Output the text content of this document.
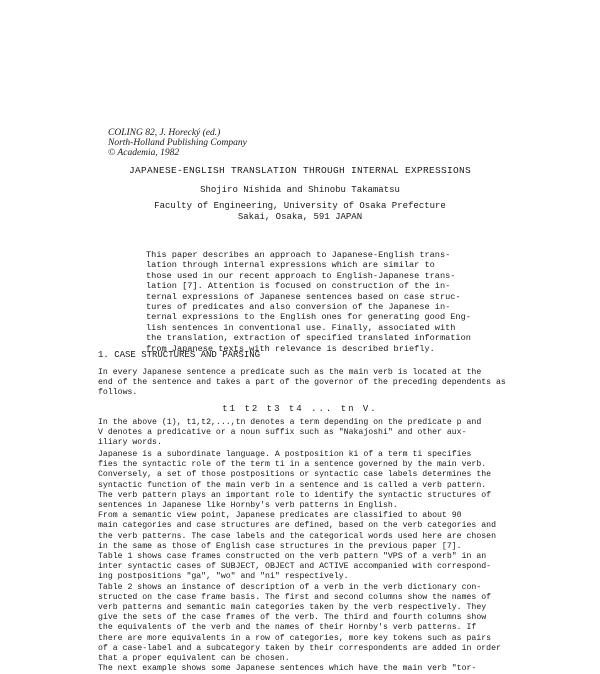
COLING 82, J. Horecký (ed.)
North-Holland Publishing Company
© Academia, 1982
JAPANESE-ENGLISH TRANSLATION THROUGH INTERNAL EXPRESSIONS
Shojiro Nishida and Shinobu Takamatsu
Faculty of Engineering, University of Osaka Prefecture
Sakai, Osaka, 591 JAPAN
This paper describes an approach to Japanese-English trans-
lation through internal expressions which are similar to
those used in our recent approach to English-Japanese trans-
lation [7]. Attention is focused on construction of the in-
ternal expressions of Japanese sentences based on case struc-
tures of predicates and also conversion of the Japanese in-
ternal expressions to the English ones for generating good Eng-
lish sentences in conventional use. Finally, associated with
the translation, extraction of specified translated information
from Japanese texts with relevance is described briefly.
1. CASE STRUCTURES AND PARSING
In every Japanese sentence a predicate such as the main verb is located at the
end of the sentence and takes a part of the governor of the preceding dependents as
follows.
t1 t2 t3 t4 ... tn V.
In the above (1), t1,t2,...,tn denotes a term depending on the predicate p and
V denotes a predicative or a noun suffix such as "Nakajoshi" and other aux-
iliary words.
Japanese is a subordinate language. A postposition ki of a term ti specifies
fies the syntactic role of the term ti in a sentence governed by the main verb.
Conversely, a set of those postpositions or syntactic case labels determines the
syntactic function of the main verb in a sentence and is called a verb pattern.
The verb pattern plays an important role to identify the syntactic structures of
sentences in Japanese like Hornby's verb patterns in English.
From a semantic view point, Japanese predicates are classified to about 90
main categories and case structures are defined, based on the verb categories and
the verb patterns. The case labels and the categorical words used here are chosen
in the same as those of English case structures in the previous paper [7].
Table 1 shows case frames constructed on the verb pattern "VPS of a verb" in an
inter syntactic cases of SUBJECT, OBJECT and ACTIVE accompanied with correspond-
ing postpositions "ga", "wo" and "ni" respectively.
Table 2 shows an instance of description of a verb in the verb dictionary con-
structed on the case frame basis. The first and second columns show the names of
verb patterns and semantic main categories taken by the verb respectively. They
give the sets of the case frames of the verb. The third and fourth columns show
the equivalents of the verb and the names of their Hornby's verb patterns. If
there are more equivalents in a row of categories, more key tokens such as pairs
of a case-label and a subcategory taken by their correspondents are added in order
that a proper equivalent can be chosen.
The next example shows some Japanese sentences which have the main verb "tor-
